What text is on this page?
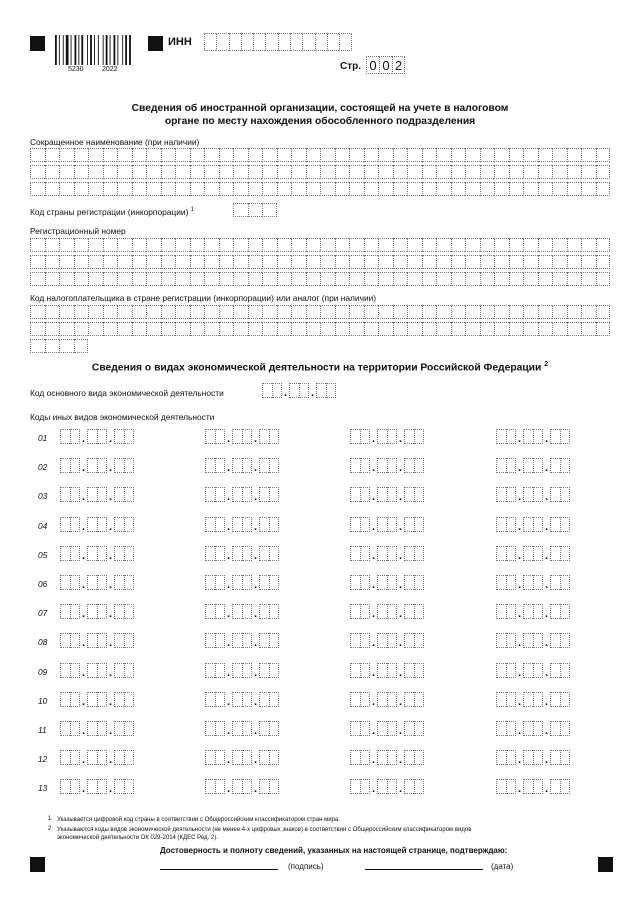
5230	2022
ИНН
Стр. 0 0 2
Сведения об иностранной организации, состоящей на учете в налоговом
органе по месту нахождения обособленного подразделения
Сокращенное наименование (при наличии)
Код страны регистрации (инкорпорации) $^1$
Регистрационный номер
Код налогоплательщика в стране регистрации (инкорпорации) или аналог (при наличии)
Сведения о видах экономической деятельности на территории Российской Федерации $^2$
Код основного вида экономической деятельности	. .
Коды иных видов экономической деятельности
01	. .	. .	. .	. .
02	. .	. .	. .	. .
03	. .	. .	. .	. .
04	. .	. .	. .	. .
05	. .	. .	. .	. .
06	. .	. .	. .	. .
07	. .	. .	. .	. .
08	. .	. .	. .	. .
09	. .	. .	. .	. .
10	. .	. .	. .	. .
11	. .	. .	. .	. .
12	. .	. .	. .	. .
13	. .	. .	. .	. .
1 Указывается цифровой код страны в соответствии с Общероссийским классификатором стран мира.
2 Указываются коды видов экономической деятельности (не менее 4-х цифровых знаков) в соответствии с Общероссийским классификатором видов
экономической деятельности ОК 029-2014 (КДЕС Ред. 2).
Достоверность и полноту сведений, указанных на настоящей странице, подтверждаю:
(подпись)	(дата)
